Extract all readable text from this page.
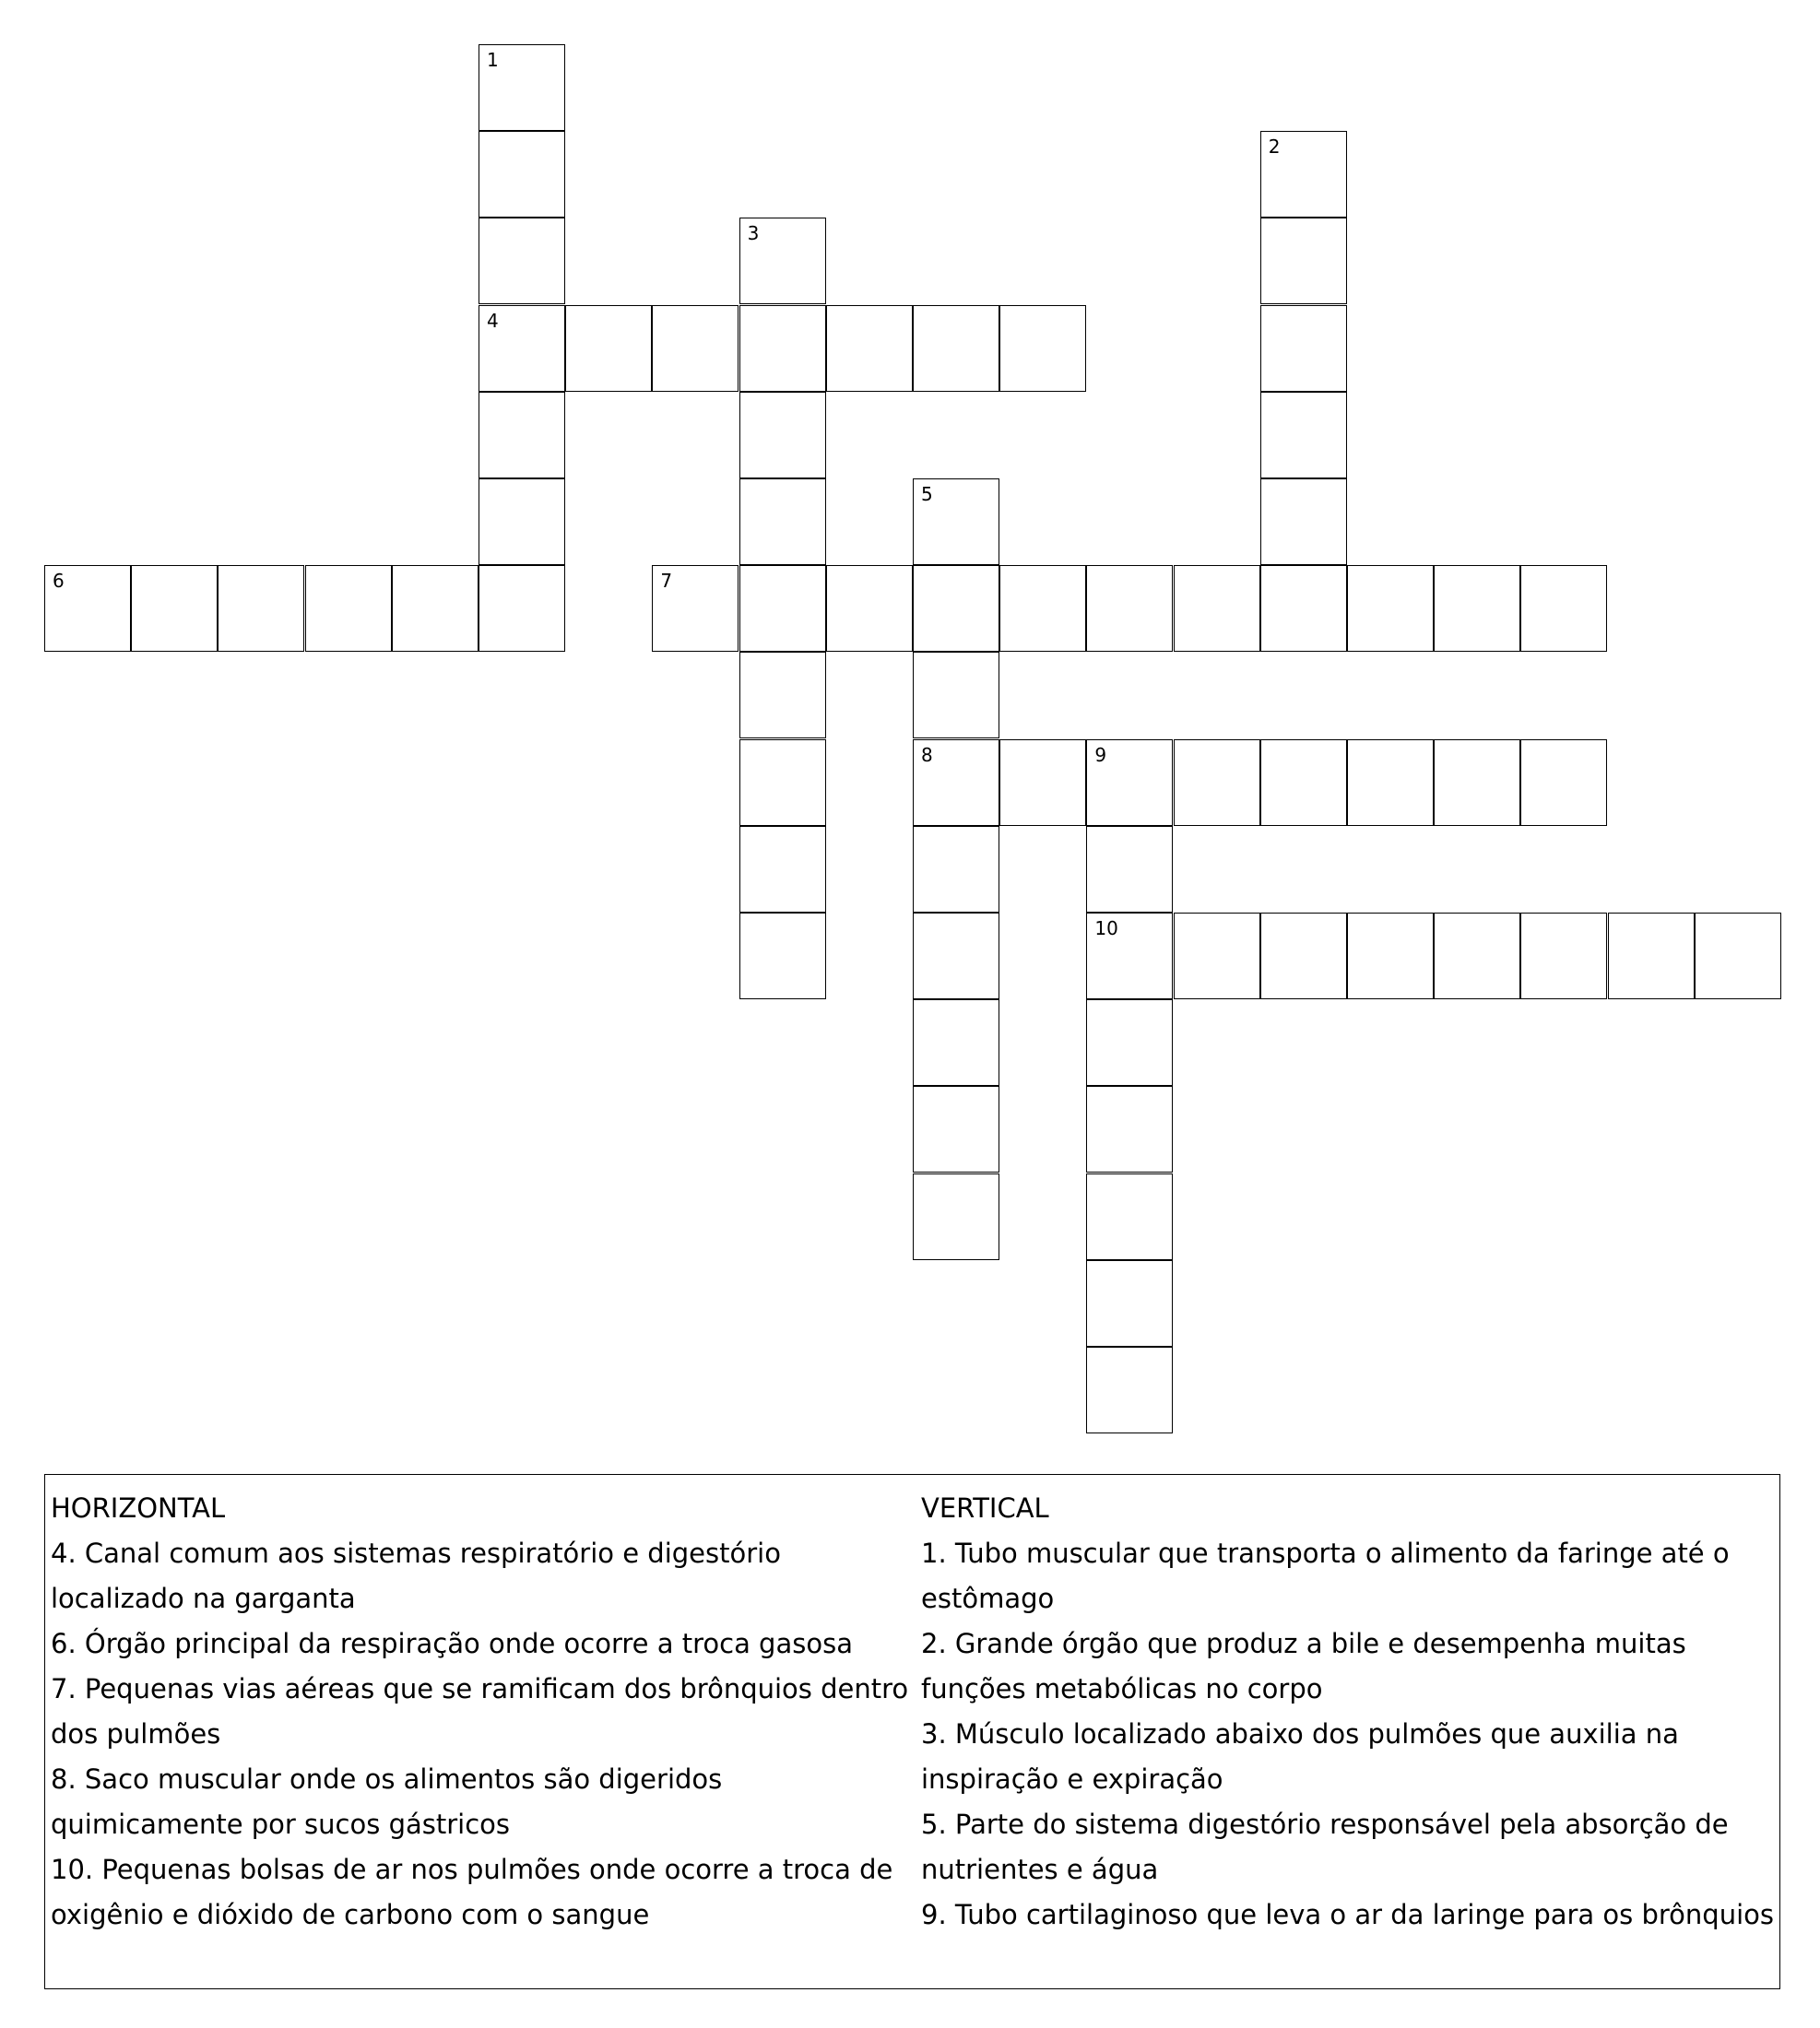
1
4
2
3
5
8
6	7
9
10
HORIZONTAL
4. Canal comum aos sistemas respiratório e digestório localizado na garganta
6. Órgão principal da respiração onde ocorre a troca gasosa
7. Pequenas vias aéreas que se ramificam dos brônquios dentro dos pulmões
8. Saco muscular onde os alimentos são digeridos quimicamente por sucos gástricos
10. Pequenas bolsas de ar nos pulmões onde ocorre a troca de oxigênio e dióxido de carbono com o sangue
VERTICAL
1. Tubo muscular que transporta o alimento da faringe até o estômago
2. Grande órgão que produz a bile e desempenha muitas funções metabólicas no corpo
3. Músculo localizado abaixo dos pulmões que auxilia na inspiração e expiração
5. Parte do sistema digestório responsável pela absorção de nutrientes e água
9. Tubo cartilaginoso que leva o ar da laringe para os brônquios
